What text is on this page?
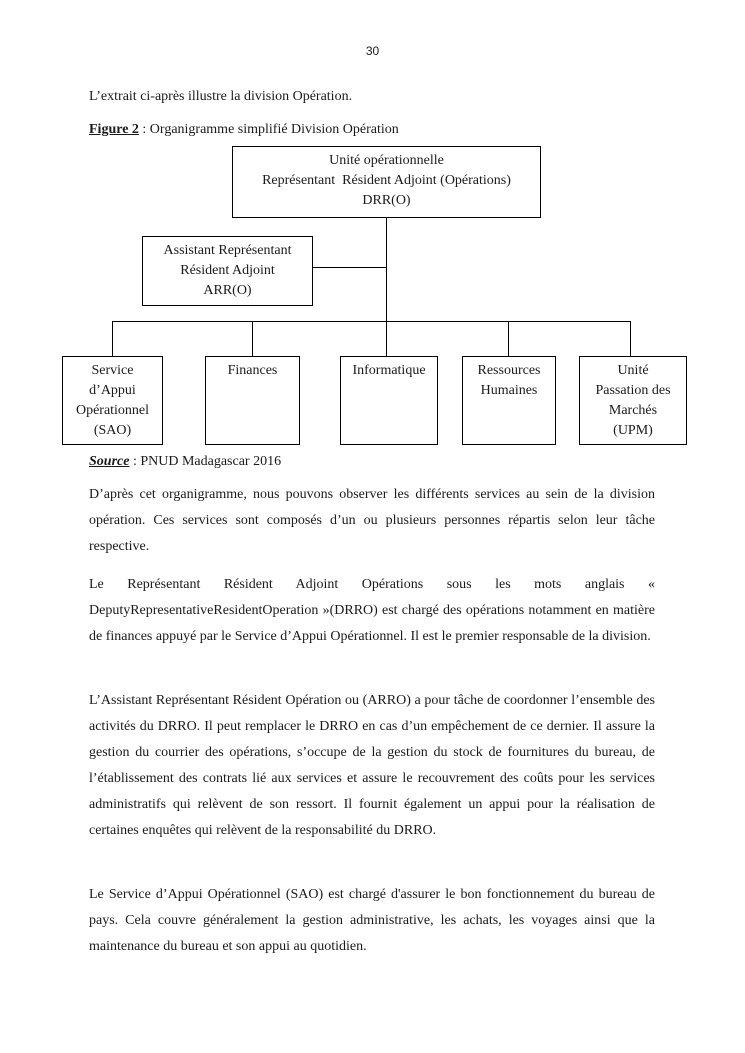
30
L’extrait ci-après illustre la division Opération.
Figure 2 : Organigramme simplifié Division Opération
Unité opérationnelle
Représentant  Résident Adjoint (Opérations)
DRR(O)
Assistant Représentant
Résident Adjoint
ARR(O)
Service
d’Appui
Opérationnel
(SAO)
Finances	Informatique	Ressources
Humaines
Unité
Passation des
Marchés
(UPM)
Source : PNUD Madagascar 2016

D’après cet organigramme, nous pouvons observer les différents services au sein de la division opération. Ces services sont composés d’un ou plusieurs personnes répartis selon leur tâche respective.

Le Représentant Résident Adjoint Opérations sous les mots anglais « DeputyRepresentativeResidentOperation »(DRRO) est chargé des opérations notamment en matière de finances appuyé par le Service d’Appui Opérationnel. Il est le premier responsable de la division.

L’Assistant Représentant Résident Opération ou (ARRO) a pour tâche de coordonner l’ensemble des activités du DRRO. Il peut remplacer le DRRO en cas d’un empêchement de ce dernier. Il assure la gestion du courrier des opérations, s’occupe de la gestion du stock de fournitures du bureau, de l’établissement des contrats lié aux services et assure le recouvrement des coûts pour les services administratifs qui relèvent de son ressort. Il fournit également un appui pour la réalisation de certaines enquêtes qui relèvent de la responsabilité du DRRO.

Le Service d’Appui Opérationnel (SAO) est chargé d'assurer le bon fonctionnement du bureau de pays. Cela couvre généralement la gestion administrative, les achats, les voyages ainsi que la maintenance du bureau et son appui au quotidien.
